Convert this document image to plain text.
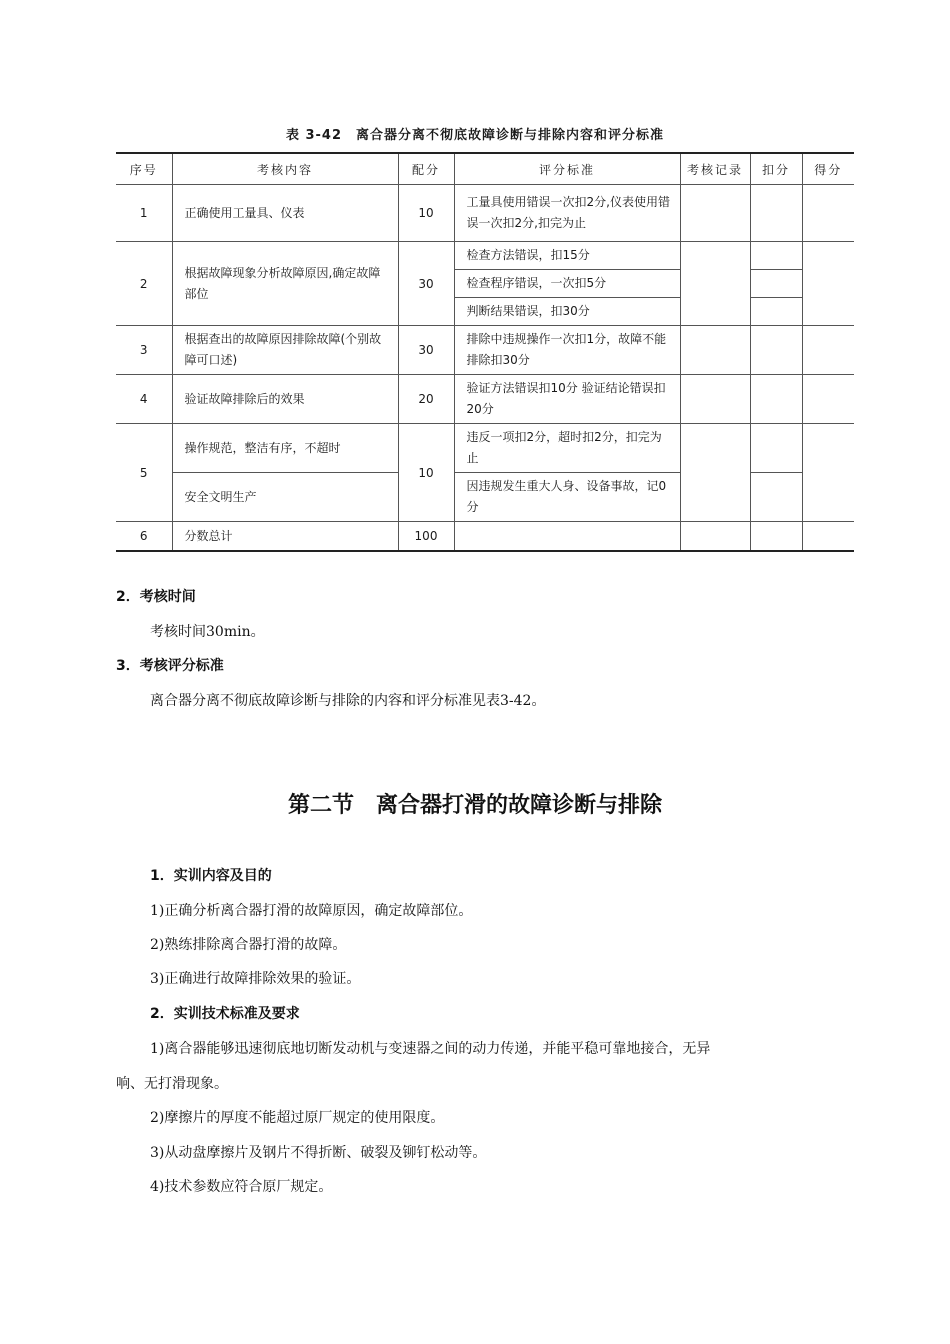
表 3-42　离合器分离不彻底故障诊断与排除内容和评分标准
序号	考核内容	配分	评分标准	考核记录	扣分	得分
1	正确使用工量具、仪表	10	工量具使用错误一次扣2分,仪表使用错误一次扣2分,扣完为止			
2	根据故障现象分析故障原因,确定故障部位	30	检查方法错误，扣15分			
			检查程序错误，一次扣5分			
			判断结果错误，扣30分			
3	根据查出的故障原因排除故障(个别故障可口述)	30	排除中违规操作一次扣1分，故障不能排除扣30分			
4	验证故障排除后的效果	20	验证方法错误扣10分 验证结论错误扣20分			
5	操作规范，整洁有序，不超时	10	违反一项扣2分，超时扣2分，扣完为止			
	安全文明生产		因违规发生重大人身、设备事故，记0分			
6	分数总计	100				
2．考核时间
考核时间30min。
3．考核评分标准
离合器分离不彻底故障诊断与排除的内容和评分标准见表3-42。
第二节　离合器打滑的故障诊断与排除
1．实训内容及目的
1)正确分析离合器打滑的故障原因，确定故障部位。
2)熟练排除离合器打滑的故障。
3)正确进行故障排除效果的验证。
2．实训技术标准及要求
1)离合器能够迅速彻底地切断发动机与变速器之间的动力传递，并能平稳可靠地接合，无异
响、无打滑现象。
2)摩擦片的厚度不能超过原厂规定的使用限度。
3)从动盘摩擦片及钢片不得折断、破裂及铆钉松动等。
4)技术参数应符合原厂规定。
